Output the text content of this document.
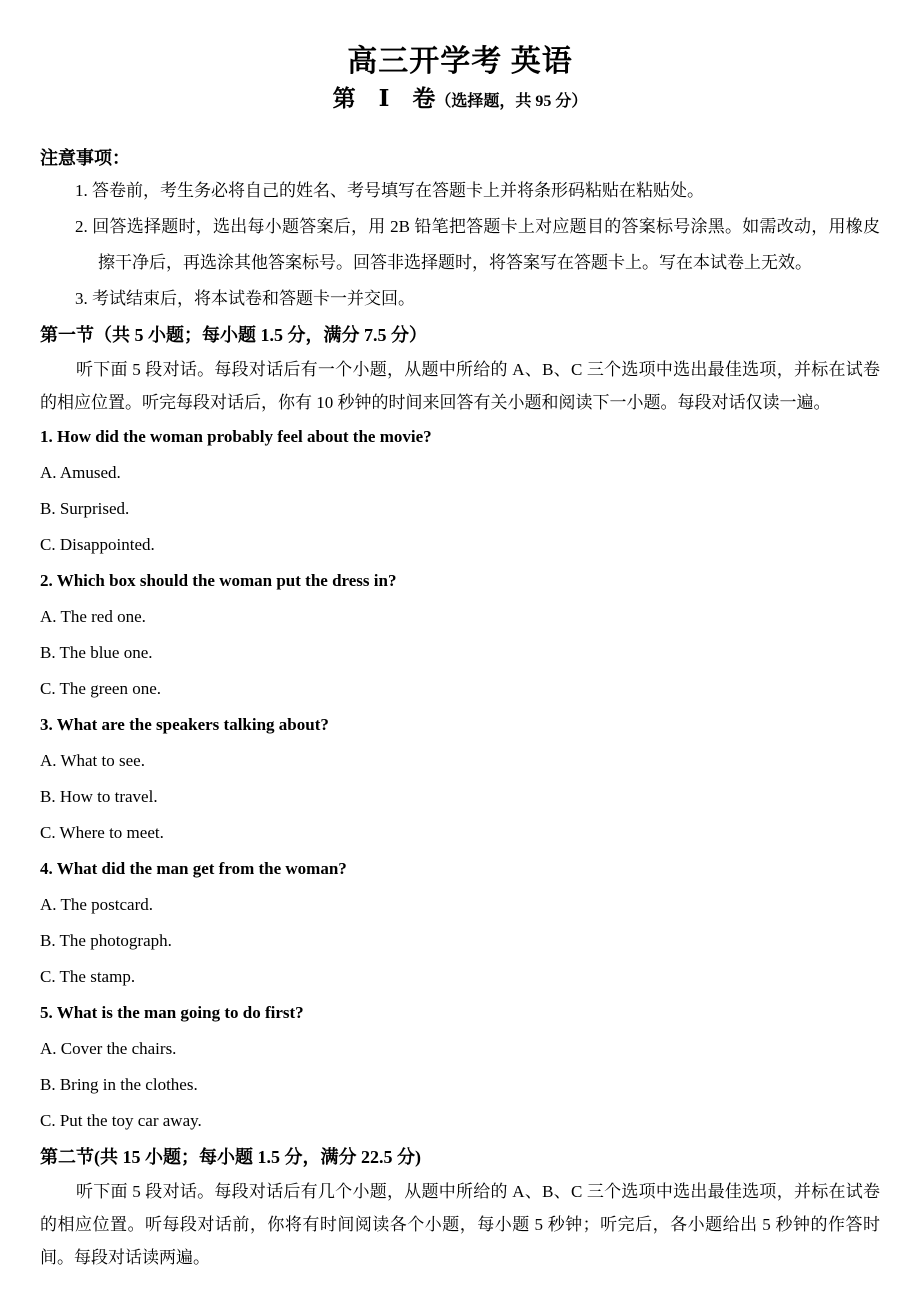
高三开学考 英语
第　Ⅰ　卷（选择题，共 95 分）
注意事项：
1. 答卷前，考生务必将自己的姓名、考号填写在答题卡上并将条形码粘贴在粘贴处。
2. 回答选择题时，选出每小题答案后，用 2B 铅笔把答题卡上对应题目的答案标号涂黑。如需改动，用橡皮擦干净后，再选涂其他答案标号。回答非选择题时，将答案写在答题卡上。写在本试卷上无效。
3. 考试结束后，将本试卷和答题卡一并交回。
第一节（共 5 小题；每小题 1.5 分，满分 7.5 分）

听下面 5 段对话。每段对话后有一个小题，从题中所给的 A、B、C 三个选项中选出最佳选项，并标在试卷的相应位置。听完每段对话后，你有 10 秒钟的时间来回答有关小题和阅读下一小题。每段对话仅读一遍。

1. How did the woman probably feel about the movie?
A. Amused.
B. Surprised.
C. Disappointed.
2. Which box should the woman put the dress in?
A. The red one.
B. The blue one.
C. The green one.
3. What are the speakers talking about?
A. What to see.
B. How to travel.
C. Where to meet.
4. What did the man get from the woman?
A. The postcard.
B. The photograph.
C. The stamp.
5. What is the man going to do first?
A. Cover the chairs.
B. Bring in the clothes.
C. Put the toy car away.
第二节(共 15 小题；每小题 1.5 分，满分 22.5 分)

听下面 5 段对话。每段对话后有几个小题，从题中所给的 A、B、C 三个选项中选出最佳选项，并标在试卷的相应位置。听每段对话前，你将有时间阅读各个小题，每小题 5 秒钟；听完后，各小题给出 5 秒钟的作答时间。每段对话读两遍。
